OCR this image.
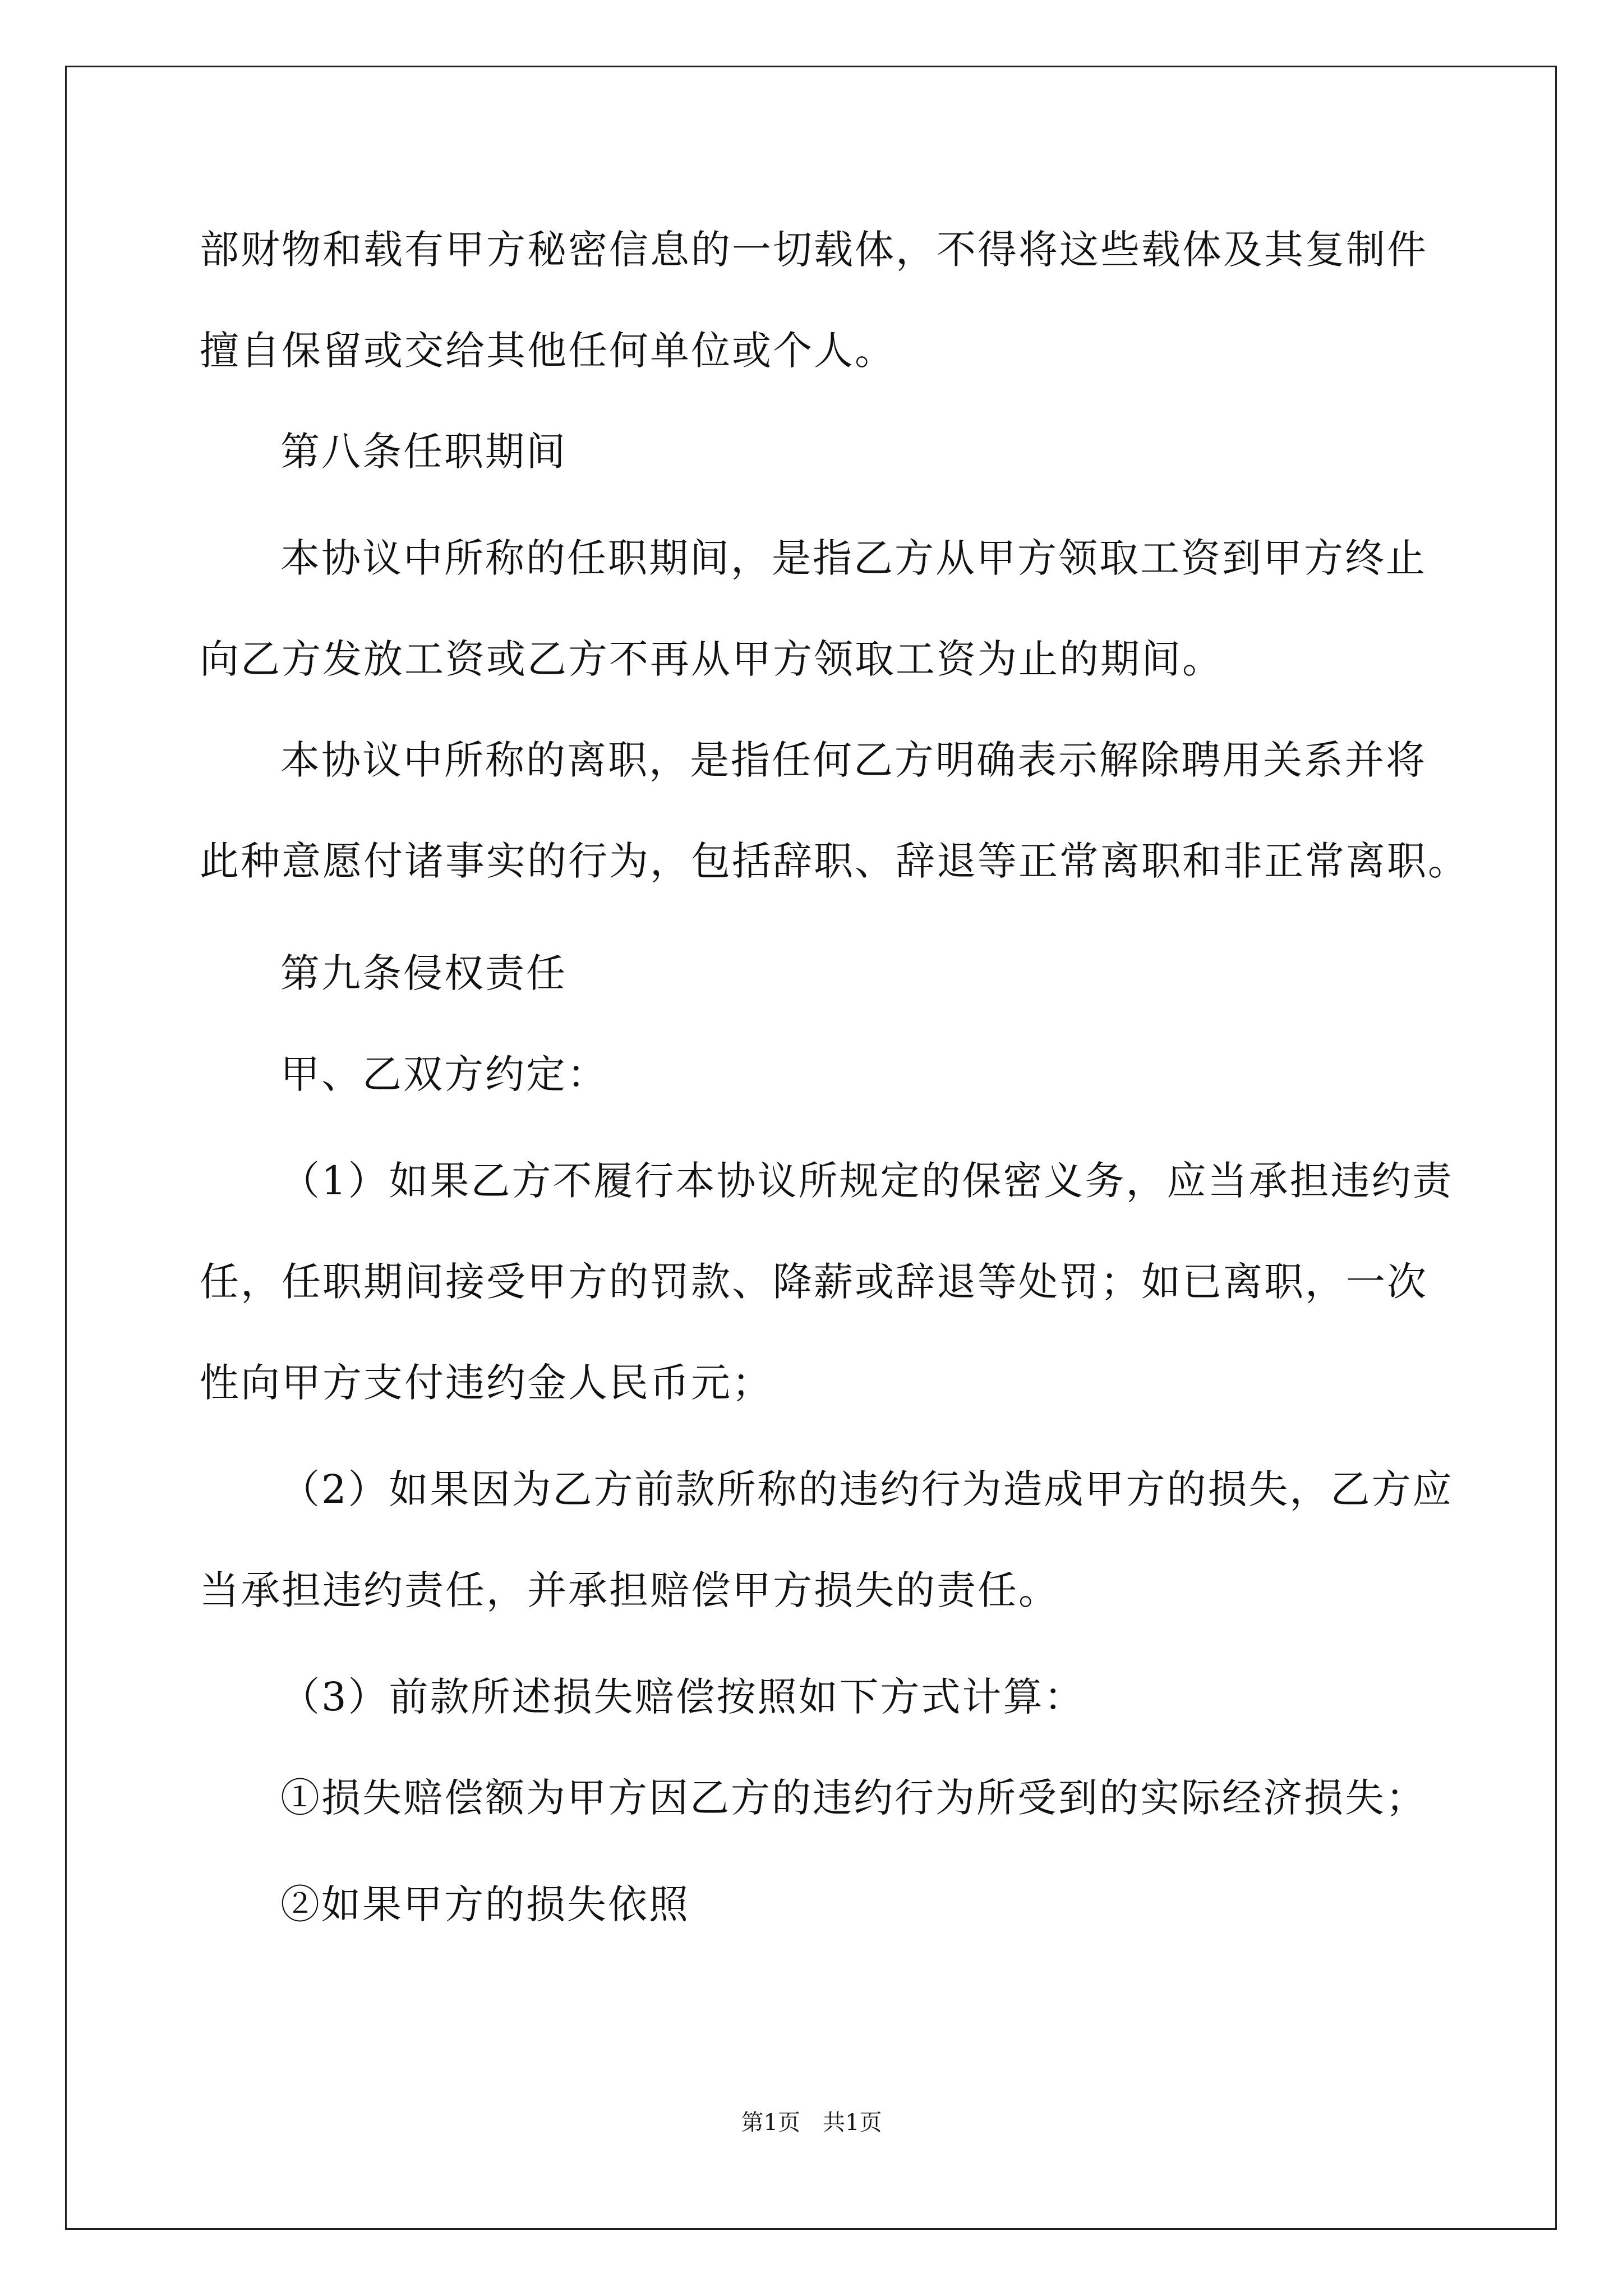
部财物和载有甲方秘密信息的一切载体，不得将这些载体及其复制件
擅自保留或交给其他任何单位或个人。
第八条任职期间
本协议中所称的任职期间，是指乙方从甲方领取工资到甲方终止
向乙方发放工资或乙方不再从甲方领取工资为止的期间。
本协议中所称的离职，是指任何乙方明确表示解除聘用关系并将
此种意愿付诸事实的行为，包括辞职、辞退等正常离职和非正常离职。
第九条侵权责任
甲、乙双方约定：
（1）如果乙方不履行本协议所规定的保密义务，应当承担违约责
任，任职期间接受甲方的罚款、降薪或辞退等处罚；如已离职，一次
性向甲方支付违约金人民币元；
（2）如果因为乙方前款所称的违约行为造成甲方的损失，乙方应
当承担违约责任，并承担赔偿甲方损失的责任。
（3）前款所述损失赔偿按照如下方式计算：
①损失赔偿额为甲方因乙方的违约行为所受到的实际经济损失；
②如果甲方的损失依照
第1页　共1页
